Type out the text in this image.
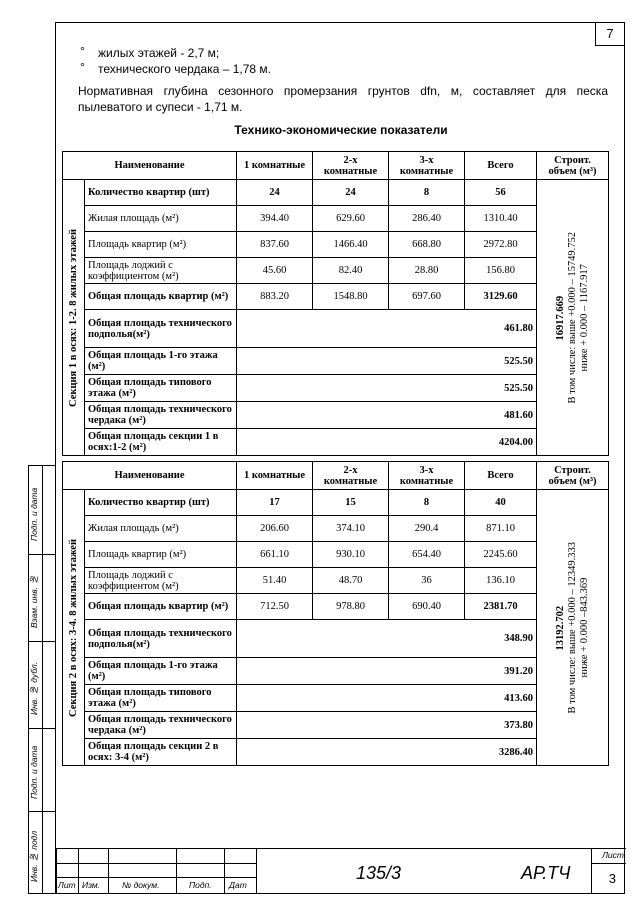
7
° жилых этажей - 2,7 м;
° технического чердака – 1,78 м.
Нормативная глубина сезонного промерзания грунтов dfn, м, составляет для песка пылеватого и супеси - 1,71 м.
Технико-экономические показатели
Наименование		1 комнатные	2-х комнатные	3-х комнатные	Всего	Строит. объем (м³)

Секция 1 в осях: 1-2. 8 жилых этажей	Количество квартир (шт)	24	24	8	56	16917.669
В том числе: выше +0.000 – 15749.752
ниже + 0.000 – 1167.917

	Жилая площадь (м²)	394.40	629.60	286.40	1310.40	
	Площадь квартир (м²)	837.60	1466.40	668.80	2972.80	
	Площадь лоджий с коэффициентом (м²)	45.60	82.40	28.80	156.80	
	Общая площадь квартир (м²)	883.20	1548.80	697.60	3129.60	
	Общая площадь технического подполья(м²)	461.80				
	Общая площадь 1-го этажа (м²)	525.50				
	Общая площадь типового этажа (м²)	525.50				
	Общая площадь технического чердака (м²)	481.60				
	Общая площадь секции 1 в осях:1-2 (м²)	4204.00				
Наименование		1 комнатные	2-х комнатные	3-х комнатные	Всего	Строит. объем (м³)

Секция 2 в осях: 3-4. 8 жилых этажей	Количество квартир (шт)	17	15	8	40	13192.702
В том числе: выше +0.000 – 12349.333
ниже + 0.000 –843.369

	Жилая площадь (м²)	206.60	374.10	290.4	871.10	
	Площадь квартир (м²)	661.10	930.10	654.40	2245.60	
	Площадь лоджий с коэффициентом (м²)	51.40	48.70	36	136.10	
	Общая площадь квартир (м²)	712.50	978.80	690.40	2381.70	
	Общая площадь технического подполья(м²)	348.90				
	Общая площадь 1-го этажа (м²)	391.20				
	Общая площадь типового этажа (м²)	413.60				
	Общая площадь технического чердака (м²)	373.80				
	Общая площадь секции 2 в осях: 3-4 (м²)	3286.40				
Лит Изм.	№ докум.	Подп. Дат
135/3	АР.ТЧ
Лист
3
Подп. и дата
Взам. инв. №
Инв. № дубл.
Подп. и дата
Инв. № подл
